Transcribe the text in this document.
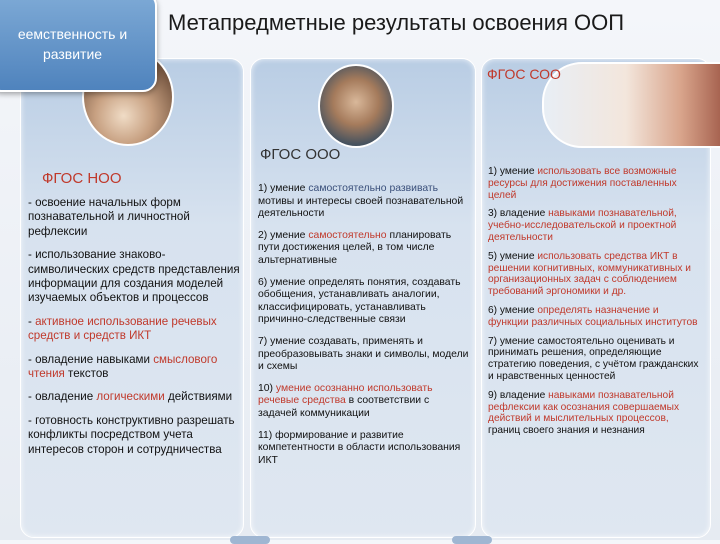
еемственность и
развитие
Метапредметные результаты освоения ООП
ФГОС СОО
ФГОС ООО
ФГОС НОО
- освоение начальных форм познавательной и личностной рефлексии
- использование знаково-символических средств представления информации для создания моделей изучаемых объектов и процессов
- активное использование речевых средств и средств ИКТ
- овладение навыками смыслового чтения текстов
- овладение логическими действиями
- готовность конструктивно разрешать конфликты посредством учета интересов сторон и сотрудничества
1) умение самостоятельно развивать мотивы и интересы своей познавательной деятельности
2) умение самостоятельно планировать пути достижения целей, в том числе альтернативные
6) умение определять понятия, создавать обобщения, устанавливать аналогии, классифицировать, устанавливать причинно-следственные связи
7) умение создавать, применять и преобразовывать знаки и символы, модели и схемы
10) умение осознанно использовать речевые средства в соответствии с задачей коммуникации
11) формирование и развитие компетентности в области использования ИКТ
1) умение использовать все возможные ресурсы для достижения поставленных целей
3) владение навыками познавательной, учебно-исследовательской и проектной деятельности
5) умение использовать средства ИКТ в решении когнитивных, коммуникативных и организационных задач с соблюдением требований эргономики и др.
6) умение определять назначение и функции различных социальных институтов
7) умение самостоятельно оценивать и принимать решения, определяющие стратегию поведения, с учётом гражданских и нравственных ценностей
9) владение навыками познавательной рефлексии как осознания совершаемых действий и мыслительных процессов, границ своего знания и незнания
